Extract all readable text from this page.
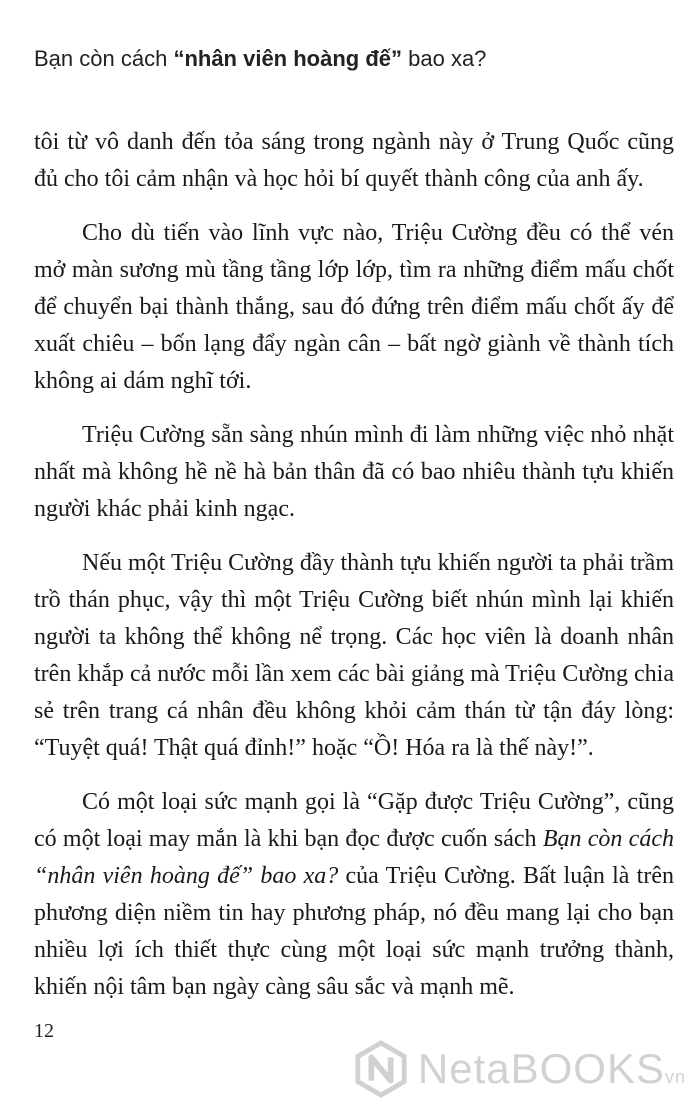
Bạn còn cách “nhân viên hoàng đế” bao xa?

tôi từ vô danh đến tỏa sáng trong ngành này ở Trung Quốc cũng đủ cho tôi cảm nhận và học hỏi bí quyết thành công của anh ấy.

Cho dù tiến vào lĩnh vực nào, Triệu Cường đều có thể vén mở màn sương mù tầng tầng lớp lớp, tìm ra những điểm mấu chốt để chuyển bại thành thắng, sau đó đứng trên điểm mấu chốt ấy để xuất chiêu – bốn lạng đẩy ngàn cân – bất ngờ giành về thành tích không ai dám nghĩ tới.

Triệu Cường sẵn sàng nhún mình đi làm những việc nhỏ nhặt nhất mà không hề nề hà bản thân đã có bao nhiêu thành tựu khiến người khác phải kinh ngạc.

Nếu một Triệu Cường đầy thành tựu khiến người ta phải trầm trồ thán phục, vậy thì một Triệu Cường biết nhún mình lại khiến người ta không thể không nể trọng. Các học viên là doanh nhân trên khắp cả nước mỗi lần xem các bài giảng mà Triệu Cường chia sẻ trên trang cá nhân đều không khỏi cảm thán từ tận đáy lòng: “Tuyệt quá! Thật quá đỉnh!” hoặc “Ồ! Hóa ra là thế này!”.

Có một loại sức mạnh gọi là “Gặp được Triệu Cường”, cũng có một loại may mắn là khi bạn đọc được cuốn sách Bạn còn cách “nhân viên hoàng đế” bao xa? của Triệu Cường. Bất luận là trên phương diện niềm tin hay phương pháp, nó đều mang lại cho bạn nhiều lợi ích thiết thực cùng một loại sức mạnh trưởng thành, khiến nội tâm bạn ngày càng sâu sắc và mạnh mẽ.

12
NetaBOOKSvn
